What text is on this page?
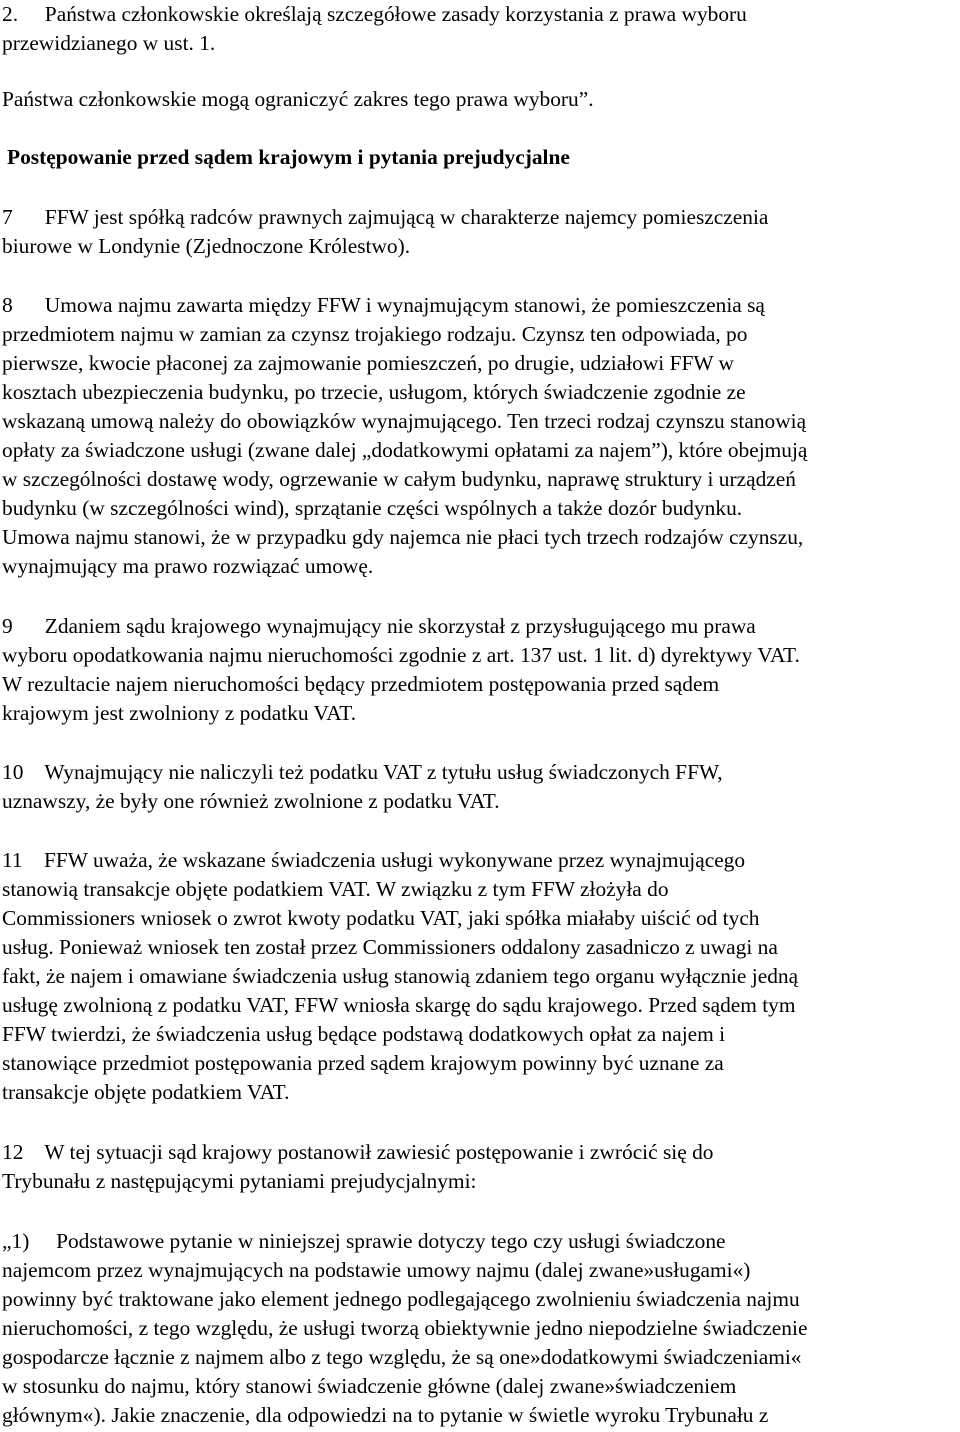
2. Państwa członkowskie określają szczegółowe zasady korzystania z prawa wyboru
przewidzianego w ust. 1.
Państwa członkowskie mogą ograniczyć zakres tego prawa wyboru”.
Postępowanie przed sądem krajowym i pytania prejudycjalne
7 FFW jest spółką radców prawnych zajmującą w charakterze najemcy pomieszczenia
biurowe w Londynie (Zjednoczone Królestwo).
8 Umowa najmu zawarta między FFW i wynajmującym stanowi, że pomieszczenia są
przedmiotem najmu w zamian za czynsz trojakiego rodzaju. Czynsz ten odpowiada, po
pierwsze, kwocie płaconej za zajmowanie pomieszczeń, po drugie, udziałowi FFW w
kosztach ubezpieczenia budynku, po trzecie, usługom, których świadczenie zgodnie ze
wskazaną umową należy do obowiązków wynajmującego. Ten trzeci rodzaj czynszu stanowią
opłaty za świadczone usługi (zwane dalej „dodatkowymi opłatami za najem”), które obejmują
w szczególności dostawę wody, ogrzewanie w całym budynku, naprawę struktury i urządzeń
budynku (w szczególności wind), sprzątanie części wspólnych a także dozór budynku.
Umowa najmu stanowi, że w przypadku gdy najemca nie płaci tych trzech rodzajów czynszu,
wynajmujący ma prawo rozwiązać umowę.
9 Zdaniem sądu krajowego wynajmujący nie skorzystał z przysługującego mu prawa
wyboru opodatkowania najmu nieruchomości zgodnie z art. 137 ust. 1 lit. d) dyrektywy VAT.
W rezultacie najem nieruchomości będący przedmiotem postępowania przed sądem
krajowym jest zwolniony z podatku VAT.
10 Wynajmujący nie naliczyli też podatku VAT z tytułu usług świadczonych FFW,
uznawszy, że były one również zwolnione z podatku VAT.
11 FFW uważa, że wskazane świadczenia usługi wykonywane przez wynajmującego
stanowią transakcje objęte podatkiem VAT. W związku z tym FFW złożyła do
Commissioners wniosek o zwrot kwoty podatku VAT, jaki spółka miałaby uiścić od tych
usług. Ponieważ wniosek ten został przez Commissioners oddalony zasadniczo z uwagi na
fakt, że najem i omawiane świadczenia usług stanowią zdaniem tego organu wyłącznie jedną
usługę zwolnioną z podatku VAT, FFW wniosła skargę do sądu krajowego. Przed sądem tym
FFW twierdzi, że świadczenia usług będące podstawą dodatkowych opłat za najem i
stanowiące przedmiot postępowania przed sądem krajowym powinny być uznane za
transakcje objęte podatkiem VAT.
12 W tej sytuacji sąd krajowy postanowił zawiesić postępowanie i zwrócić się do
Trybunału z następującymi pytaniami prejudycjalnymi:
„1) Podstawowe pytanie w niniejszej sprawie dotyczy tego czy usługi świadczone
najemcom przez wynajmujących na podstawie umowy najmu (dalej zwane»usługami«)
powinny być traktowane jako element jednego podlegającego zwolnieniu świadczenia najmu
nieruchomości, z tego względu, że usługi tworzą obiektywnie jedno niepodzielne świadczenie
gospodarcze łącznie z najmem albo z tego względu, że są one»dodatkowymi świadczeniami«
w stosunku do najmu, który stanowi świadczenie główne (dalej zwane»świadczeniem
głównym«). Jakie znaczenie, dla odpowiedzi na to pytanie w świetle wyroku Trybunału z
